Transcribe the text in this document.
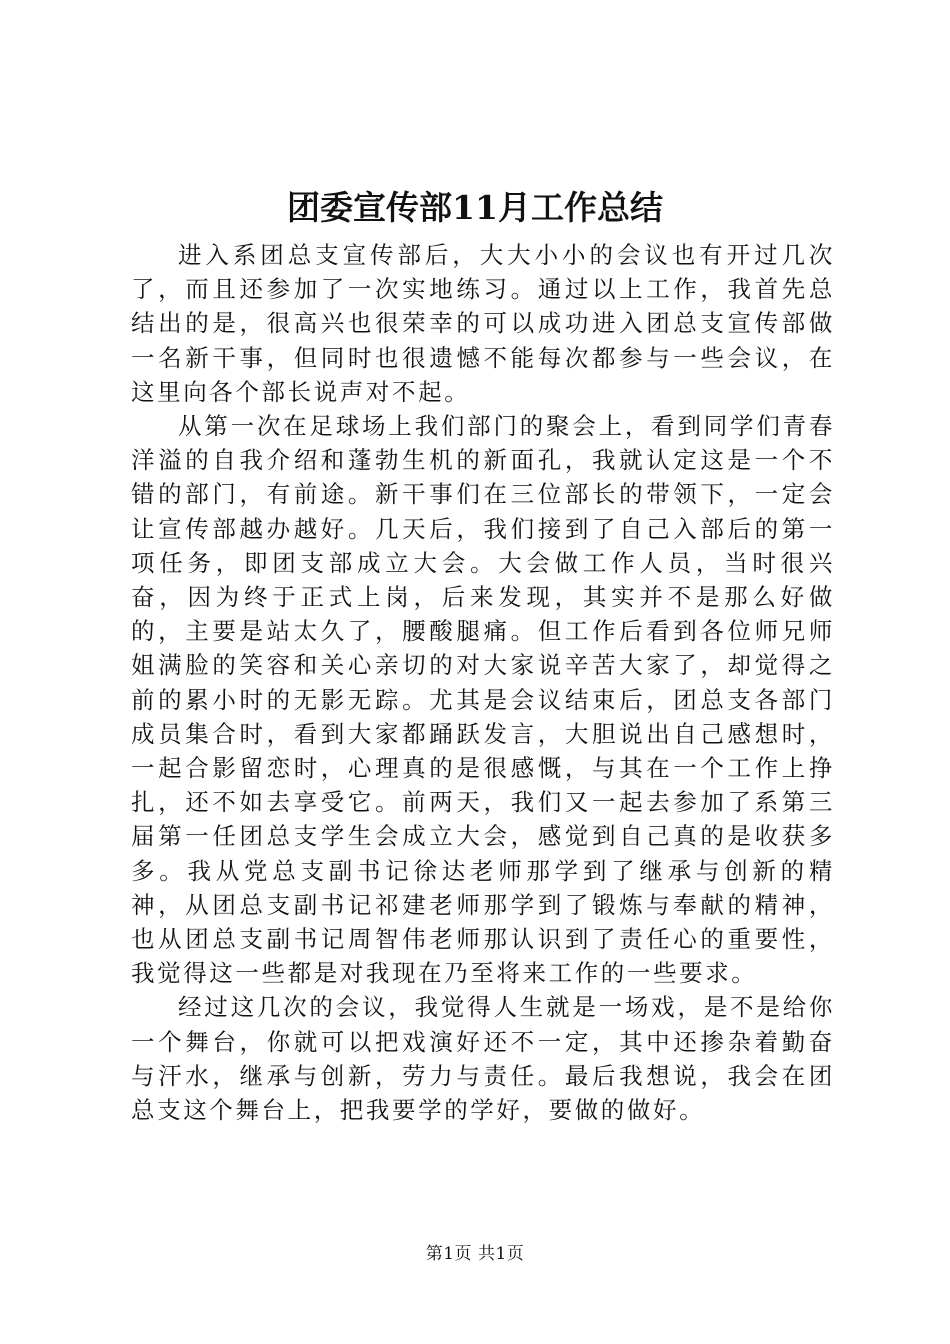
团委宣传部11月工作总结

进入系团总支宣传部后，大大小小的会议也有开过几次了，而且还参加了一次实地练习。通过以上工作，我首先总结出的是，很高兴也很荣幸的可以成功进入团总支宣传部做一名新干事，但同时也很遗憾不能每次都参与一些会议，在这里向各个部长说声对不起。

从第一次在足球场上我们部门的聚会上，看到同学们青春洋溢的自我介绍和蓬勃生机的新面孔，我就认定这是一个不错的部门，有前途。新干事们在三位部长的带领下，一定会让宣传部越办越好。几天后，我们接到了自己入部后的第一项任务，即团支部成立大会。大会做工作人员，当时很兴奋，因为终于正式上岗，后来发现，其实并不是那么好做的，主要是站太久了，腰酸腿痛。但工作后看到各位师兄师姐满脸的笑容和关心亲切的对大家说辛苦大家了，却觉得之前的累小时的无影无踪。尤其是会议结束后，团总支各部门成员集合时，看到大家都踊跃发言，大胆说出自己感想时，一起合影留恋时，心理真的是很感慨，与其在一个工作上挣扎，还不如去享受它。前两天，我们又一起去参加了系第三届第一任团总支学生会成立大会，感觉到自己真的是收获多多。我从党总支副书记徐达老师那学到了继承与创新的精神，从团总支副书记祁建老师那学到了锻炼与奉献的精神，也从团总支副书记周智伟老师那认识到了责任心的重要性，我觉得这一些都是对我现在乃至将来工作的一些要求。

经过这几次的会议，我觉得人生就是一场戏，是不是给你一个舞台，你就可以把戏演好还不一定，其中还掺杂着勤奋与汗水，继承与创新，劳力与责任。最后我想说，我会在团总支这个舞台上，把我要学的学好，要做的做好。

第1页 共1页
